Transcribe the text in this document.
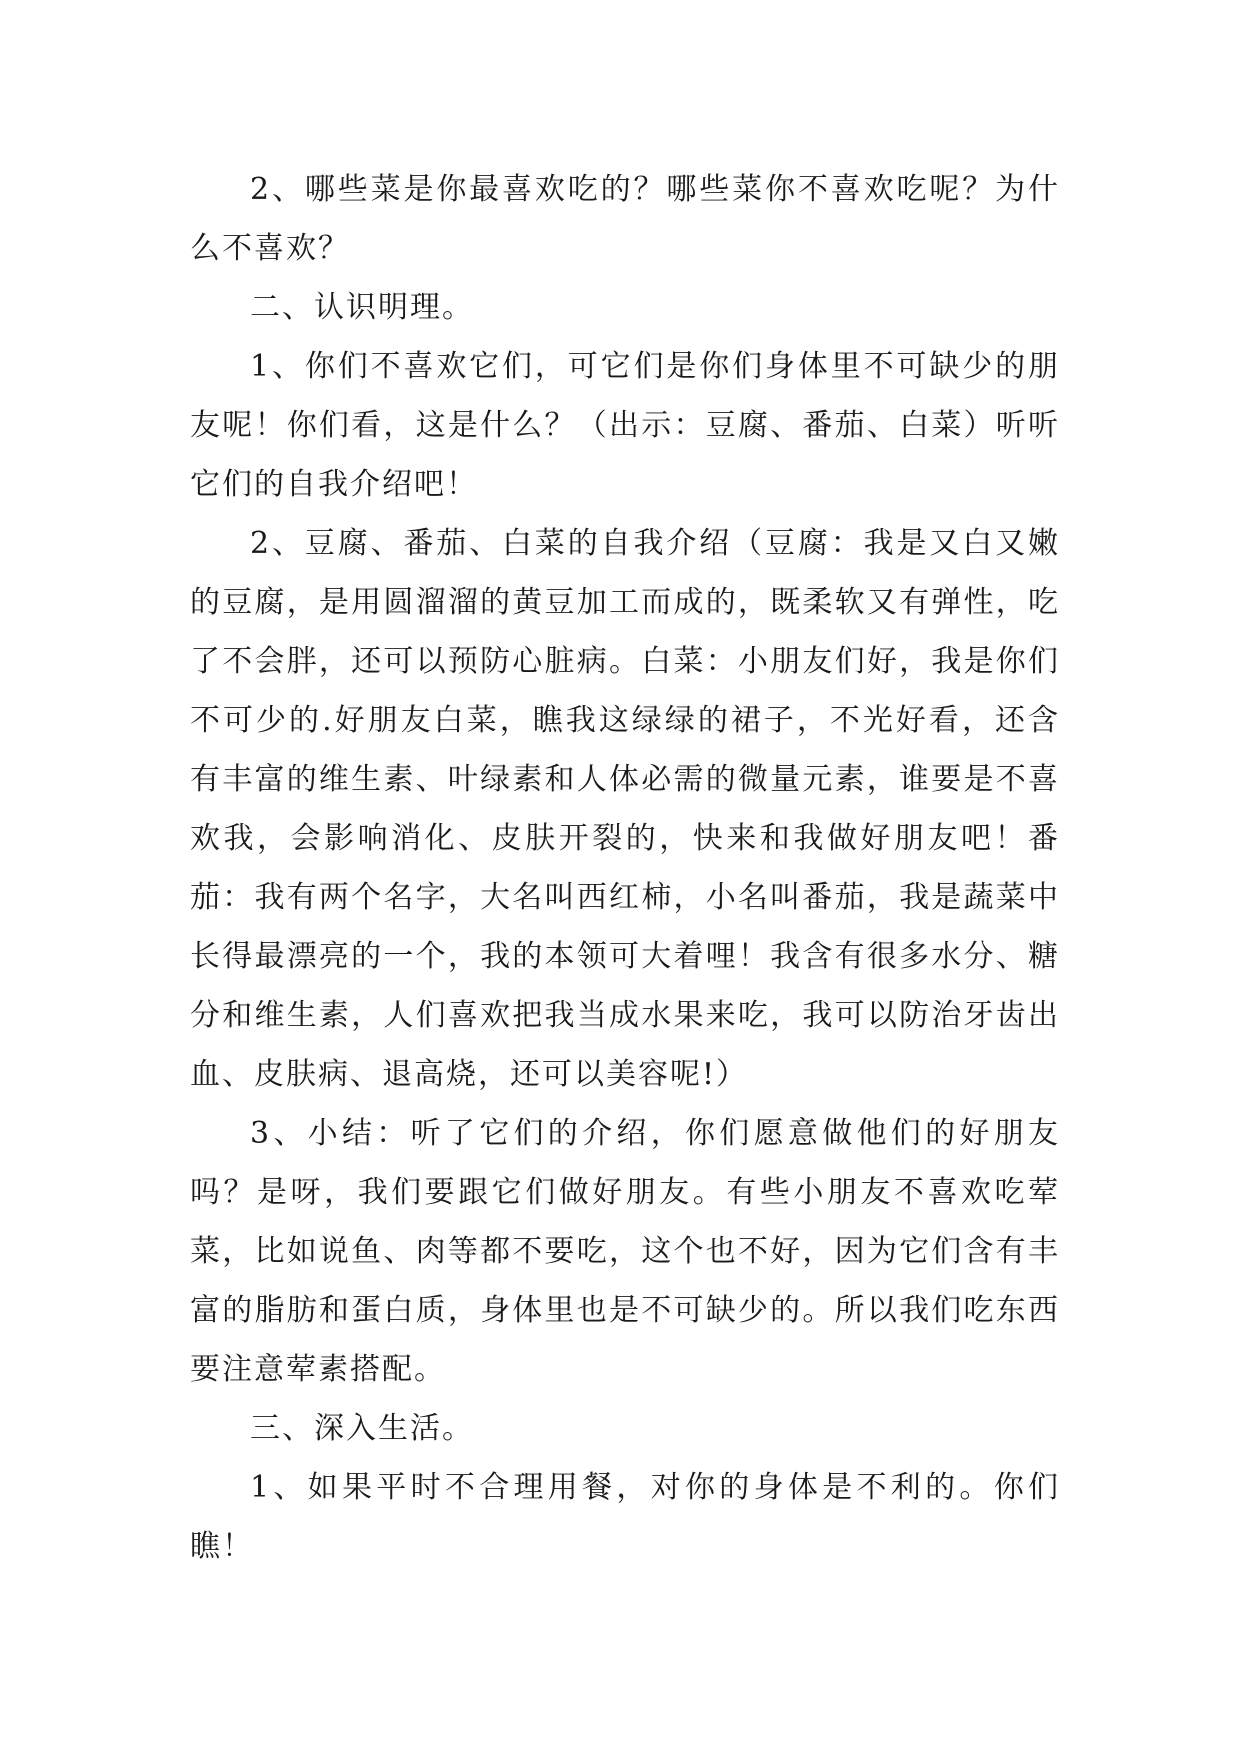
2、哪些菜是你最喜欢吃的？哪些菜你不喜欢吃呢？为什么不喜欢？

二、认识明理。

1、你们不喜欢它们，可它们是你们身体里不可缺少的朋友呢！你们看，这是什么？（出示：豆腐、番茄、白菜）听听它们的自我介绍吧！

2、豆腐、番茄、白菜的自我介绍（豆腐：我是又白又嫩的豆腐，是用圆溜溜的黄豆加工而成的，既柔软又有弹性，吃了不会胖，还可以预防心脏病。白菜：小朋友们好，我是你们不可少的.好朋友白菜，瞧我这绿绿的裙子，不光好看，还含有丰富的维生素、叶绿素和人体必需的微量元素，谁要是不喜欢我，会影响消化、皮肤开裂的，快来和我做好朋友吧！番茄：我有两个名字，大名叫西红柿，小名叫番茄，我是蔬菜中长得最漂亮的一个，我的本领可大着哩！我含有很多水分、糖分和维生素，人们喜欢把我当成水果来吃，我可以防治牙齿出血、皮肤病、退高烧，还可以美容呢!）

3、小结：听了它们的介绍，你们愿意做他们的好朋友吗？是呀，我们要跟它们做好朋友。有些小朋友不喜欢吃荤菜，比如说鱼、肉等都不要吃，这个也不好，因为它们含有丰富的脂肪和蛋白质，身体里也是不可缺少的。所以我们吃东西要注意荤素搭配。

三、深入生活。

1、如果平时不合理用餐，对你的身体是不利的。你们瞧！
